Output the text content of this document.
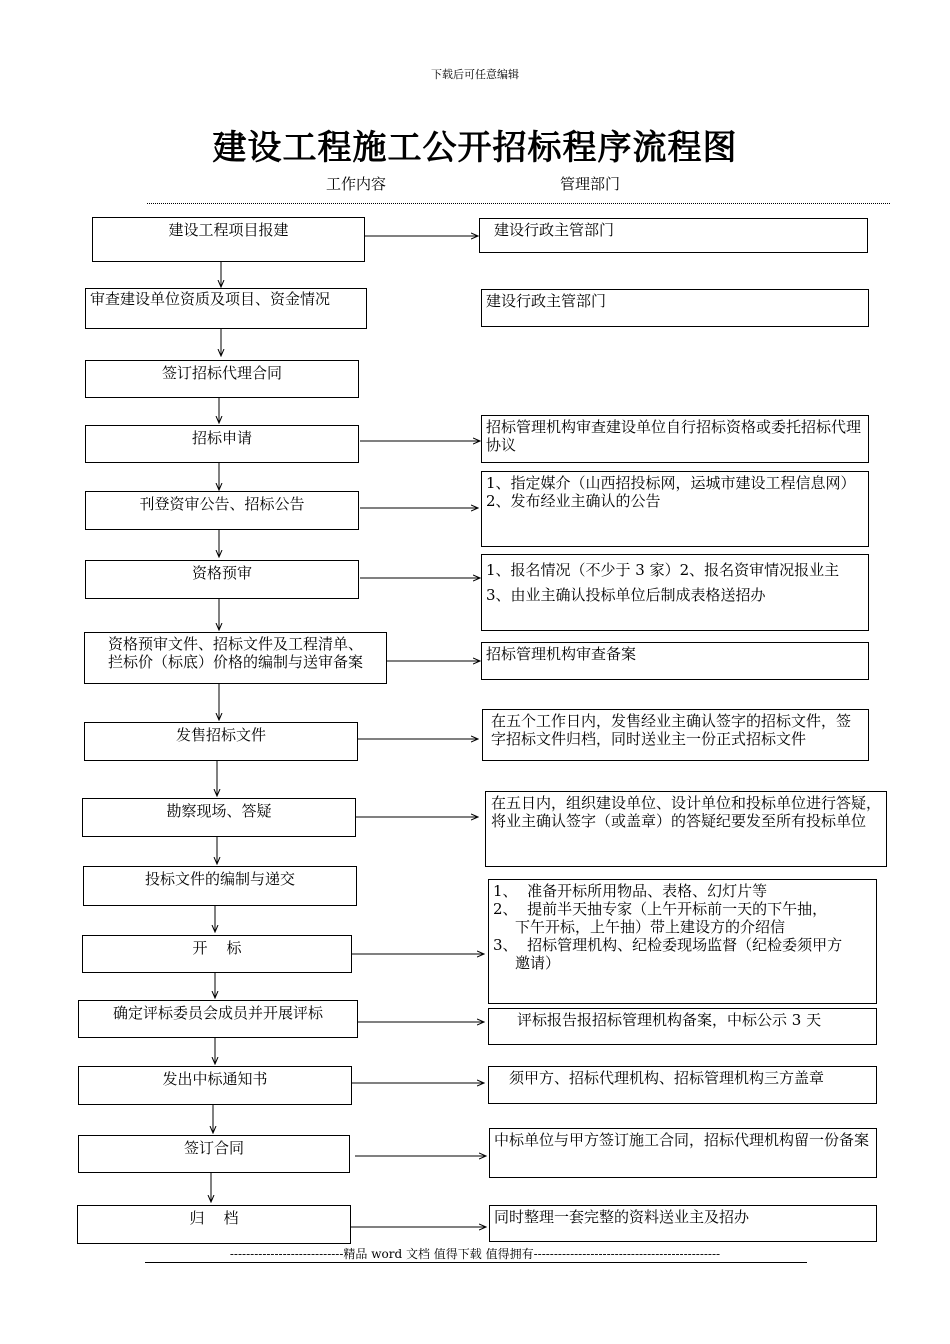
下载后可任意编辑
建设工程施工公开招标程序流程图
工作内容	管理部门
建设工程项目报建
审查建设单位资质及项目、资金情况
签订招标代理合同
招标申请
刊登资审公告、招标公告
资格预审
资格预审文件、招标文件及工程清单、
拦标价（标底）价格的编制与送审备案
发售招标文件
勘察现场、答疑
投标文件的编制与递交
开    标
确定评标委员会成员并开展评标
发出中标通知书
签订合同
归    档
建设行政主管部门
建设行政主管部门
招标管理机构审查建设单位自行招标资格或委托招标代理协议
1、指定媒介（山西招投标网，运城市建设工程信息网）
2、发布经业主确认的公告
1、报名情况（不少于 3 家）2、报名资审情况报业主
3、由业主确认投标单位后制成表格送招办
招标管理机构审查备案
在五个工作日内，发售经业主确认签字的招标文件，签字招标文件归档，同时送业主一份正式招标文件
在五日内，组织建设单位、设计单位和投标单位进行答疑，将业主确认签字（或盖章）的答疑纪要发至所有投标单位
1、  准备开标所用物品、表格、幻灯片等
2、  提前半天抽专家（上午开标前一天的下午抽，
下午开标，上午抽）带上建设方的介绍信
3、  招标管理机构、纪检委现场监督（纪检委须甲方
邀请）
评标报告报招标管理机构备案，中标公示 3 天
须甲方、招标代理机构、招标管理机构三方盖章
中标单位与甲方签订施工合同，招标代理机构留一份备案
同时整理一套完整的资料送业主及招办
----------------------------精品 word 文档 值得下载 值得拥有----------------------------------------------
